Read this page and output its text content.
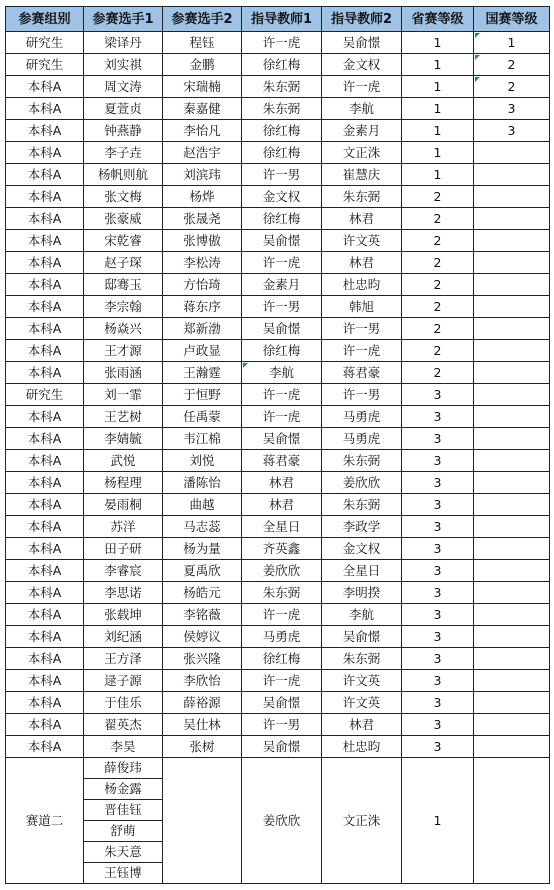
参赛组别	参赛选手1	参赛选手2	指导教师1	指导教师2	省赛等级	国赛等级
研究生	梁译丹	程钰	许一虎	吴俞憬	1	1

研究生	刘实祺	金鹏	徐红梅	金文权	1	2

本科A	周文涛	宋瑞楠	朱东弼	许一虎	1	2

本科A	夏萱贞	秦嘉健	朱东弼	李航	1	3
本科A	钟燕静	李怡凡	徐红梅	金素月	1	3
本科A	李子垚	赵浩宇	徐红梅	文正洙	1	
本科A	杨帆则航	刘滨玮	许一男	崔慧庆	1	
本科A	张文梅	杨烨	金文权	朱东弼	2	
本科A	张豪威	张晟尧	徐红梅	林君	2	
本科A	宋乾睿	张博傲	吴俞憬	许文英	2	
本科A	赵子琛	李松涛	许一虎	林君	2	
本科A	邸骞玉	方怡琦	金素月	杜忠昀	2	
本科A	李宗翰	蒋东序	许一男	韩旭	2	
本科A	杨焱兴	郑新渤	吴俞憬	许一男	2	
本科A	王才源	卢政显	徐红梅	许一虎	2	
本科A	张雨涵	王瀚霆	李航	蒋君豪	2	
研究生	刘一霏	于恒野	许一虎	许一男	3	
本科A	王艺树	任禹蒙	许一虎	马勇虎	3	
本科A	李婧毓	韦江棉	吴俞憬	马勇虎	3	
本科A	武悦	刘悦	蒋君豪	朱东弼	3	
本科A	杨程理	潘陈怡	林君	姜欣欣	3	
本科A	晏雨桐	曲越	林君	朱东弼	3	
本科A	苏洋	马志蕊	全星日	李政学	3	
本科A	田子研	杨为量	齐英鑫	金文权	3	
本科A	李睿宸	夏禹欣	姜欣欣	全星日	3	
本科A	李思诺	杨皓元	朱东弼	李明揆	3	
本科A	张载坤	李铭薇	许一虎	李航	3	
本科A	刘纪涵	侯婷议	马勇虎	吴俞憬	3	
本科A	王方泽	张兴隆	徐红梅	朱东弼	3	
本科A	逯子源	李欣怡	许一虎	许文英	3	
本科A	于佳乐	薛裕源	吴俞憬	许文英	3	
本科A	翟英杰	吴仕林	许一男	林君	3	
本科A	李昊	张树	吴俞憬	杜忠昀	3	
赛道二	薛俊玮		姜欣欣	文正洙	1	
	杨金露					
	晋佳钰					
	舒萌					
	朱天意					
	王钰博					
